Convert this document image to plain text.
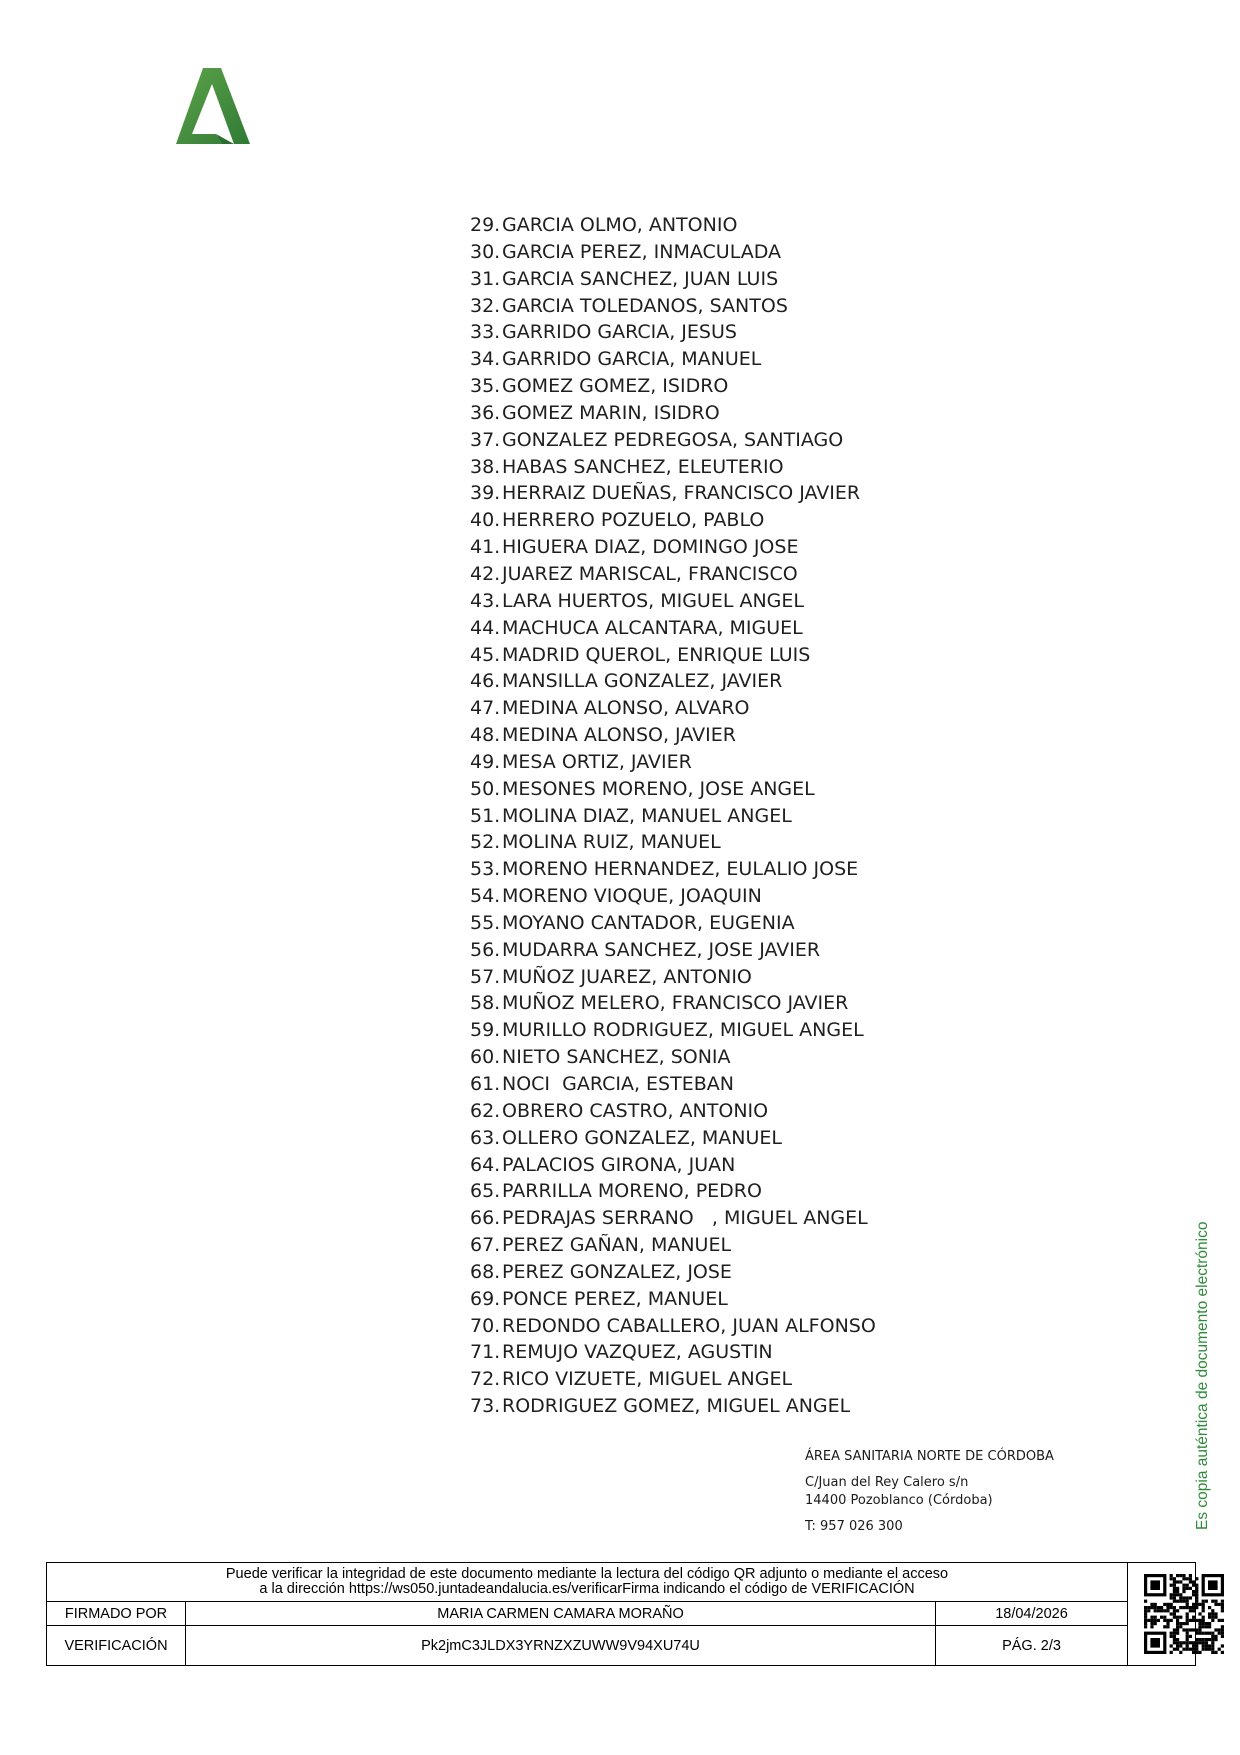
29.GARCIA OLMO, ANTONIO
30.GARCIA PEREZ, INMACULADA
31.GARCIA SANCHEZ, JUAN LUIS
32.GARCIA TOLEDANOS, SANTOS
33.GARRIDO GARCIA, JESUS
34.GARRIDO GARCIA, MANUEL
35.GOMEZ GOMEZ, ISIDRO
36.GOMEZ MARIN, ISIDRO
37.GONZALEZ PEDREGOSA, SANTIAGO
38.HABAS SANCHEZ, ELEUTERIO
39.HERRAIZ DUEÑAS, FRANCISCO JAVIER
40.HERRERO POZUELO, PABLO
41.HIGUERA DIAZ, DOMINGO JOSE
42.JUAREZ MARISCAL, FRANCISCO
43.LARA HUERTOS, MIGUEL ANGEL
44.MACHUCA ALCANTARA, MIGUEL
45.MADRID QUEROL, ENRIQUE LUIS
46.MANSILLA GONZALEZ, JAVIER
47.MEDINA ALONSO, ALVARO
48.MEDINA ALONSO, JAVIER
49.MESA ORTIZ, JAVIER
50.MESONES MORENO, JOSE ANGEL
51.MOLINA DIAZ, MANUEL ANGEL
52.MOLINA RUIZ, MANUEL
53.MORENO HERNANDEZ, EULALIO JOSE
54.MORENO VIOQUE, JOAQUIN
55.MOYANO CANTADOR, EUGENIA
56.MUDARRA SANCHEZ, JOSE JAVIER
57.MUÑOZ JUAREZ, ANTONIO
58.MUÑOZ MELERO, FRANCISCO JAVIER
59.MURILLO RODRIGUEZ, MIGUEL ANGEL
60.NIETO SANCHEZ, SONIA
61.NOCI  GARCIA, ESTEBAN
62.OBRERO CASTRO, ANTONIO
63.OLLERO GONZALEZ, MANUEL
64.PALACIOS GIRONA, JUAN
65.PARRILLA MORENO, PEDRO
66.PEDRAJAS SERRANO   , MIGUEL ANGEL
67.PEREZ GAÑAN, MANUEL
68.PEREZ GONZALEZ, JOSE
69.PONCE PEREZ, MANUEL
70.REDONDO CABALLERO, JUAN ALFONSO
71.REMUJO VAZQUEZ, AGUSTIN
72.RICO VIZUETE, MIGUEL ANGEL
73.RODRIGUEZ GOMEZ, MIGUEL ANGEL
ÁREA SANITARIA NORTE DE CÓRDOBA
C/Juan del Rey Calero s/n
14400 Pozoblanco (Córdoba)
T: 957 026 300	Es copia auténtica de documento electrónico
Puede verificar la integridad de este documento mediante la lectura del código QR adjunto o mediante el acceso
a la dirección https://ws050.juntadeandalucia.es/verificarFirma indicando el código de VERIFICACIÓN
FIRMADO POR	MARIA CARMEN CAMARA MORAÑO	18/04/2026
VERIFICACIÓN	Pk2jmC3JLDX3YRNZXZUWW9V94XU74U	PÁG. 2/3
